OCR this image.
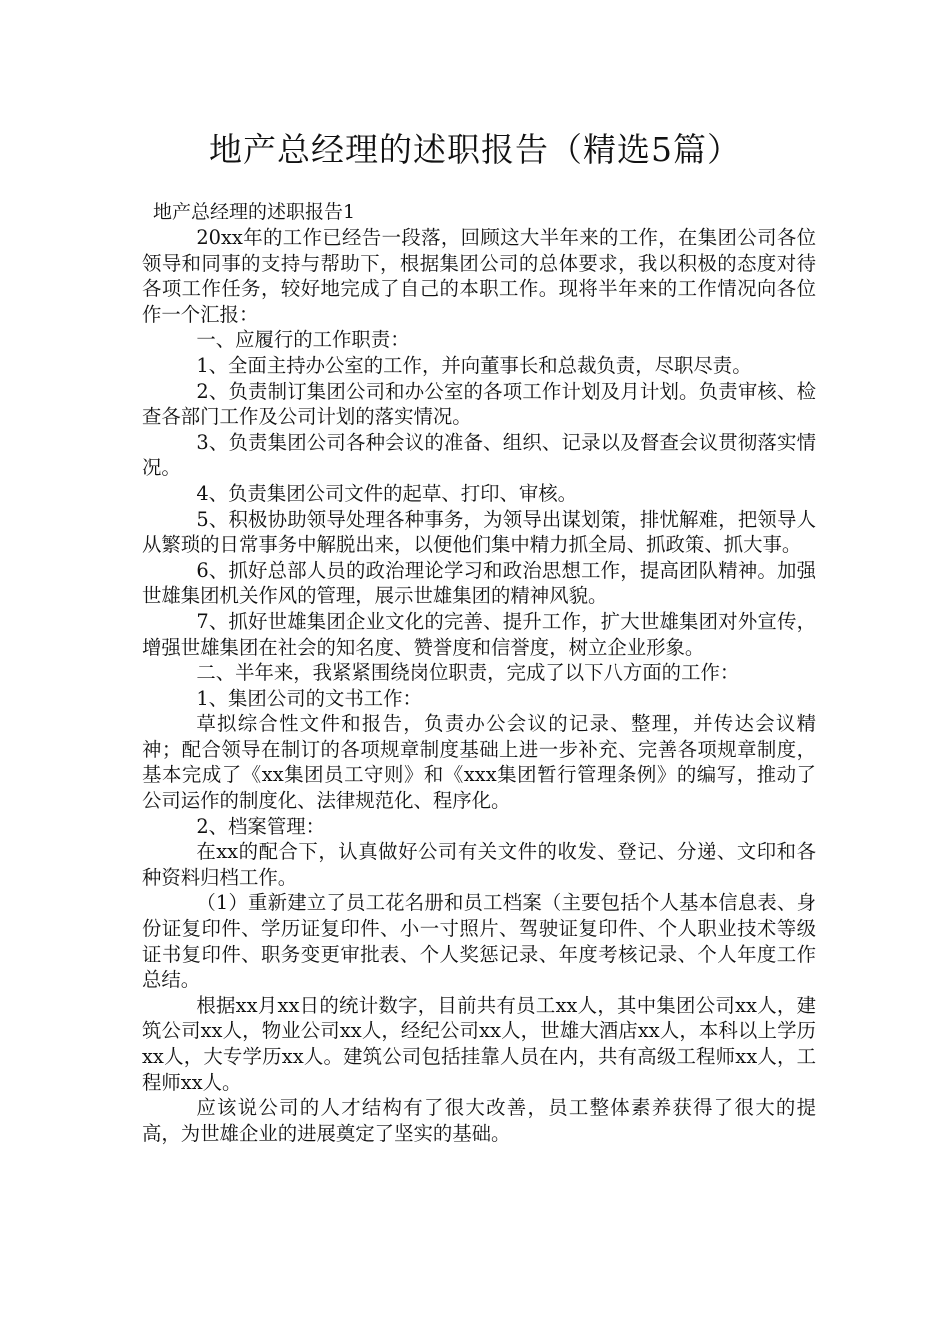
地产总经理的述职报告（精选5篇）
地产总经理的述职报告1

20xx年的工作已经告一段落，回顾这大半年来的工作，在集团公司各位领导和同事的支持与帮助下，根据集团公司的总体要求，我以积极的态度对待各项工作任务，较好地完成了自己的本职工作。现将半年来的工作情况向各位作一个汇报：

一、应履行的工作职责：

1、全面主持办公室的工作，并向董事长和总裁负责，尽职尽责。

2、负责制订集团公司和办公室的各项工作计划及月计划。负责审核、检查各部门工作及公司计划的落实情况。

3、负责集团公司各种会议的准备、组织、记录以及督查会议贯彻落实情况。

4、负责集团公司文件的起草、打印、审核。

5、积极协助领导处理各种事务，为领导出谋划策，排忧解难，把领导人从繁琐的日常事务中解脱出来，以便他们集中精力抓全局、抓政策、抓大事。

6、抓好总部人员的政治理论学习和政治思想工作，提高团队精神。加强世雄集团机关作风的管理，展示世雄集团的精神风貌。

7、抓好世雄集团企业文化的完善、提升工作，扩大世雄集团对外宣传，增强世雄集团在社会的知名度、赞誉度和信誉度，树立企业形象。

二、半年来，我紧紧围绕岗位职责，完成了以下八方面的工作：

1、集团公司的文书工作：

草拟综合性文件和报告，负责办公会议的记录、整理，并传达会议精神；配合领导在制订的各项规章制度基础上进一步补充、完善各项规章制度，基本完成了《xx集团员工守则》和《xxx集团暂行管理条例》的编写，推动了公司运作的制度化、法律规范化、程序化。

2、档案管理：

在xx的配合下，认真做好公司有关文件的收发、登记、分递、文印和各种资料归档工作。

（1）重新建立了员工花名册和员工档案（主要包括个人基本信息表、身份证复印件、学历证复印件、小一寸照片、驾驶证复印件、个人职业技术等级证书复印件、职务变更审批表、个人奖惩记录、年度考核记录、个人年度工作总结。

根据xx月xx日的统计数字，目前共有员工xx人，其中集团公司xx人，建筑公司xx人，物业公司xx人，经纪公司xx人，世雄大酒店xx人，本科以上学历xx人，大专学历xx人。建筑公司包括挂靠人员在内，共有高级工程师xx人，工程师xx人。

应该说公司的人才结构有了很大改善，员工整体素养获得了很大的提高，为世雄企业的进展奠定了坚实的基础。
